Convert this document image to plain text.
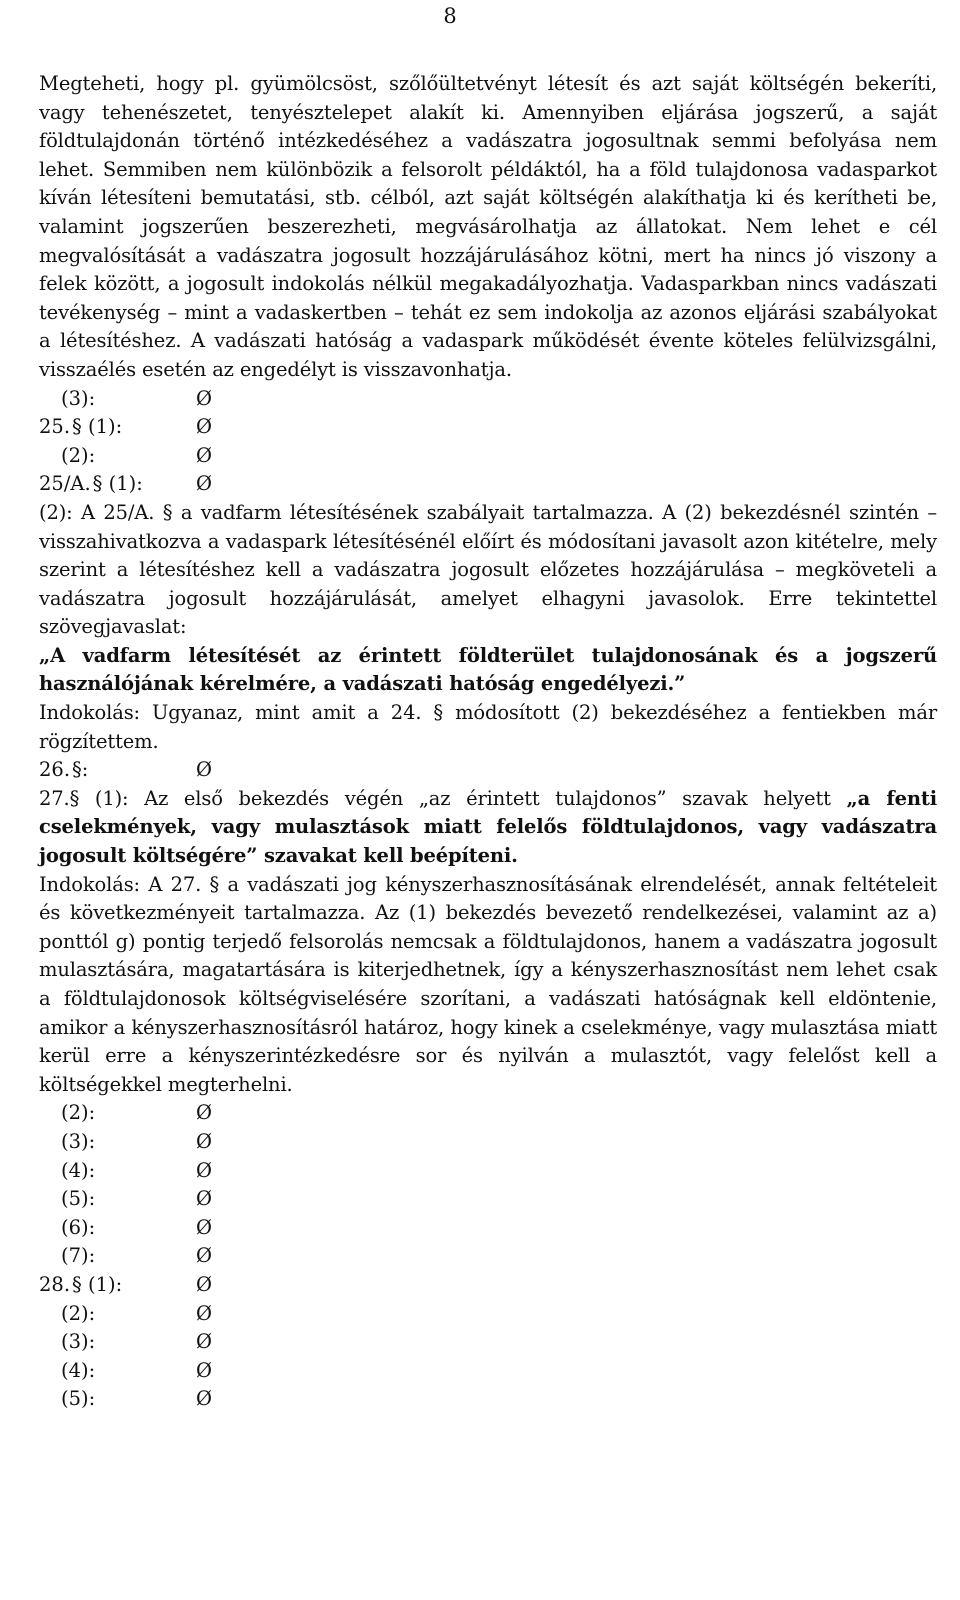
8

Megteheti, hogy pl. gyümölcsöst, szőlőültetvényt létesít és azt saját költségén bekeríti, vagy tehenészetet, tenyésztelepet alakít ki. Amennyiben eljárása jogszerű, a saját földtulajdonán történő intézkedéséhez a vadászatra jogosultnak semmi befolyása nem lehet. Semmiben nem különbözik a felsorolt példáktól, ha a föld tulajdonosa vadasparkot kíván létesíteni bemutatási, stb. célból, azt saját költségén alakíthatja ki és kerítheti be, valamint jogszerűen beszerezheti, megvásárolhatja az állatokat. Nem lehet e cél megvalósítását a vadászatra jogosult hozzájárulásához kötni, mert ha nincs jó viszony a felek között, a jogosult indokolás nélkül megakadályozhatja. Vadasparkban nincs vadászati tevékenység – mint a vadaskertben – tehát ez sem indokolja az azonos eljárási szabályokat a létesítéshez. A vadászati hatóság a vadaspark működését évente köteles felülvizsgálni, visszaélés esetén az engedélyt is visszavonhatja.

(3):	Ø
25. § (1):	Ø
(2):	Ø
25/A. § (1):	Ø

(2): A 25/A. § a vadfarm létesítésének szabályait tartalmazza. A (2) bekezdésnél szintén – visszahivatkozva a vadaspark létesítésénél előírt és módosítani javasolt azon kitételre, mely szerint a létesítéshez kell a vadászatra jogosult előzetes hozzájárulása – megköveteli a vadászatra jogosult hozzájárulását, amelyet elhagyni javasolok. Erre tekintettel szövegjavaslat:

„A vadfarm létesítését az érintett földterület tulajdonosának és a jogszerű használójának kérelmére, a vadászati hatóság engedélyezi.”

Indokolás: Ugyanaz, mint amit a 24. § módosított (2) bekezdéséhez a fentiekben már rögzítettem.

26. §:	Ø

27.§ (1): Az első bekezdés végén „az érintett tulajdonos” szavak helyett „a fenti cselekmények, vagy mulasztások miatt felelős földtulajdonos, vagy vadászatra jogosult költségére” szavakat kell beépíteni.

Indokolás: A 27. § a vadászati jog kényszerhasznosításának elrendelését, annak feltételeit és következményeit tartalmazza. Az (1) bekezdés bevezető rendelkezései, valamint az a) ponttól g) pontig terjedő felsorolás nemcsak a földtulajdonos, hanem a vadászatra jogosult mulasztására, magatartására is kiterjedhetnek, így a kényszerhasznosítást nem lehet csak a földtulajdonosok költségviselésére szorítani, a vadászati hatóságnak kell eldöntenie, amikor a kényszerhasznosításról határoz, hogy kinek a cselekménye, vagy mulasztása miatt kerül erre a kényszerintézkedésre sor és nyilván a mulasztót, vagy felelőst kell a költségekkel megterhelni.

(2):	Ø
(3):	Ø
(4):	Ø
(5):	Ø
(6):	Ø
(7):	Ø
28. § (1):	Ø
(2):	Ø
(3):	Ø
(4):	Ø
(5):	Ø
